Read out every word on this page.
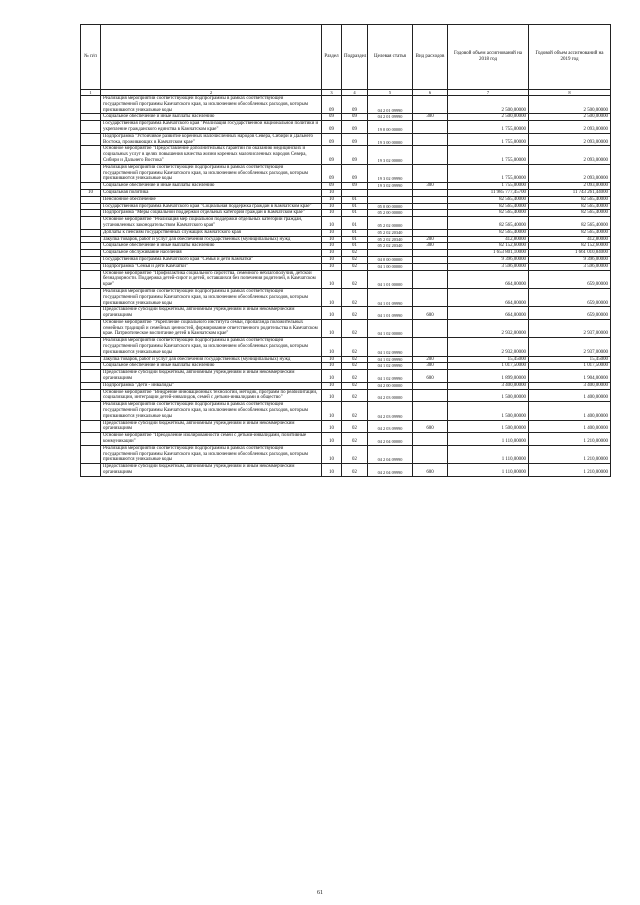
№ п/п		Раздел	Подраздел	Целевая статья	Вид расходов	Годовой объем ассигнований на 2018 год	Годовой объем ассигнований на 2019 год
1	2	3	4	5	6	7	8
	Реализация мероприятий соответствующей подпрограммы в рамках соответствующей государственной программы Камчатского края, за исключением обособленных расходов, которым присваиваются уникальные коды	09	09	04 2 01 09990		2 500,00000	2 500,00000
	Социальное обеспечение и иные выплаты населению	09	09	04 2 01 09990	300	2 500,00000	2 500,00000
	Государственная программа Камчатского края "Реализация государственной национальной политики и укрепление гражданского единства в Камчатском крае"	09	09	19 0 00 00000		1 755,00000	2 093,00000
	Подпрограмма "Устойчивое развитие коренных малочисленных народов Севера, Сибири и Дальнего Востока, проживающих в Камчатском крае"	09	09	19 3 00 00000		1 755,00000	2 093,00000
	Основное мероприятие "Предоставление дополнительных гарантий по оказанию медицинских и социальных услуг в целях повышения качества жизни коренных малочисленных народов Севера, Сибири и Дальнего Востока"	09	09	19 3 02 00000		1 755,00000	2 093,00000
	Реализация мероприятий соответствующей подпрограммы в рамках соответствующей государственной программы Камчатского края, за исключением обособленных расходов, которым присваиваются уникальные коды	09	09	19 3 02 09990		1 755,00000	2 093,00000
	Социальное обеспечение и иные выплаты населению	09	09	19 3 02 09990	300	1 755,00000	2 093,00000
10	Социальная политика	10				11 985 777,45700	11 743 261,44000
	Пенсионное обеспечение	10	01			82 565,40000	82 565,40000
	Государственная программа Камчатского края "Социальная поддержка граждан в Камчатском крае"	10	01	05 0 00 00000		82 565,40000	82 565,40000
	Подпрограмма "Меры социальной поддержки отдельных категорий граждан в Камчатском крае"	10	01	05 2 00 00000		82 565,40000	82 565,40000
	Основное мероприятие "Реализация мер социальной поддержки отдельных категорий граждан, установленных законодательством Камчатского края"	10	01	05 2 02 00000		82 565,40000	82 565,40000
	Доплаты к пенсиям государственных служащих Камчатского края	10	01	05 2 02 20340		82 565,40000	82 565,40000
	Закупка товаров, работ и услуг для обеспечения государственных (муниципальных) нужд	10	01	05 2 02 20340	200	412,80000	412,80000
	Социальное обеспечение и иные выплаты населению	10	01	05 2 02 20340	300	82 152,60000	82 152,60000
	Социальное обслуживание населения	10	02			1 653 801,10000	1 661 010,84000
	Государственная программа Камчатского края "Семья и дети Камчатки"	10	02	04 0 00 00000		9 396,00000	9 396,00000
	Подпрограмма "Семья и дети Камчатки"	10	02	04 1 00 00000		3 596,00000	3 596,00000
	Основное мероприятие "Профилактика социального сиротства, семейного неблагополучия, детской безнадзорности. Поддержка детей-сирот и детей, оставшихся без попечения родителей, в Камчатском крае"	10	02	04 1 01 00000		664,00000	659,00000
	Реализация мероприятий соответствующей подпрограммы в рамках соответствующей государственной программы Камчатского края, за исключением обособленных расходов, которым присваиваются уникальные коды	10	02	04 1 01 09990		664,00000	659,00000
	Предоставление субсидий бюджетным, автономным учреждениям и иным некоммерческим организациям	10	02	04 1 01 09990	600	664,00000	659,00000
	Основное мероприятие "Укрепление социального института семьи, пропаганда положительных семейных традиций и семейных ценностей, формирование ответственного родительства в Камчатском крае. Патриотическое воспитание детей в Камчатском крае"	10	02	04 1 02 00000		2 932,00000	2 937,00000
	Реализация мероприятий соответствующей подпрограммы в рамках соответствующей государственной программы Камчатского края, за исключением обособленных расходов, которым присваиваются уникальные коды	10	02	04 1 02 09990		2 932,00000	2 937,00000
	Закупка товаров, работ и услуг для обеспечения государственных (муниципальных) нужд	10	02	04 1 02 09990	200	15,45000	15,45000
	Социальное обеспечение и иные выплаты населению	10	02	04 1 02 09990	300	1 017,50000	1 017,50000
	Предоставление субсидий бюджетным, автономным учреждениям и иным некоммерческим организациям	10	02	04 1 02 09990	600	1 899,00000	1 904,00000
	Подпрограмма "Дети - инвалиды"	10	02	04 2 00 00000		3 400,00000	3 400,00000
	Основное мероприятие "Внедрение инновационных технологий, методик, программ по реабилитации, социализации, интеграции детей-инвалидов, семей с детьми-инвалидами в общество"	10	02	04 2 03 00000		1 500,00000	1 400,00000
	Реализация мероприятий соответствующей подпрограммы в рамках соответствующей государственной программы Камчатского края, за исключением обособленных расходов, которым присваиваются уникальные коды	10	02	04 2 03 09990		1 500,00000	1 400,00000
	Предоставление субсидий бюджетным, автономным учреждениям и иным некоммерческим организациям	10	02	04 2 03 09990	600	1 500,00000	1 400,00000
	Основное мероприятие "Преодоление изолированности семей с детьми-инвалидами, позитивные коммуникации"	10	02	04 2 04 00000		1 110,00000	1 210,00000
	Реализация мероприятий соответствующей подпрограммы в рамках соответствующей государственной программы Камчатского края, за исключением обособленных расходов, которым присваиваются уникальные коды	10	02	04 2 04 09990		1 110,00000	1 210,00000
	Предоставление субсидий бюджетным, автономным учреждениям и иным некоммерческим организациям	10	02	04 2 04 09990	600	1 110,00000	1 210,00000
61
